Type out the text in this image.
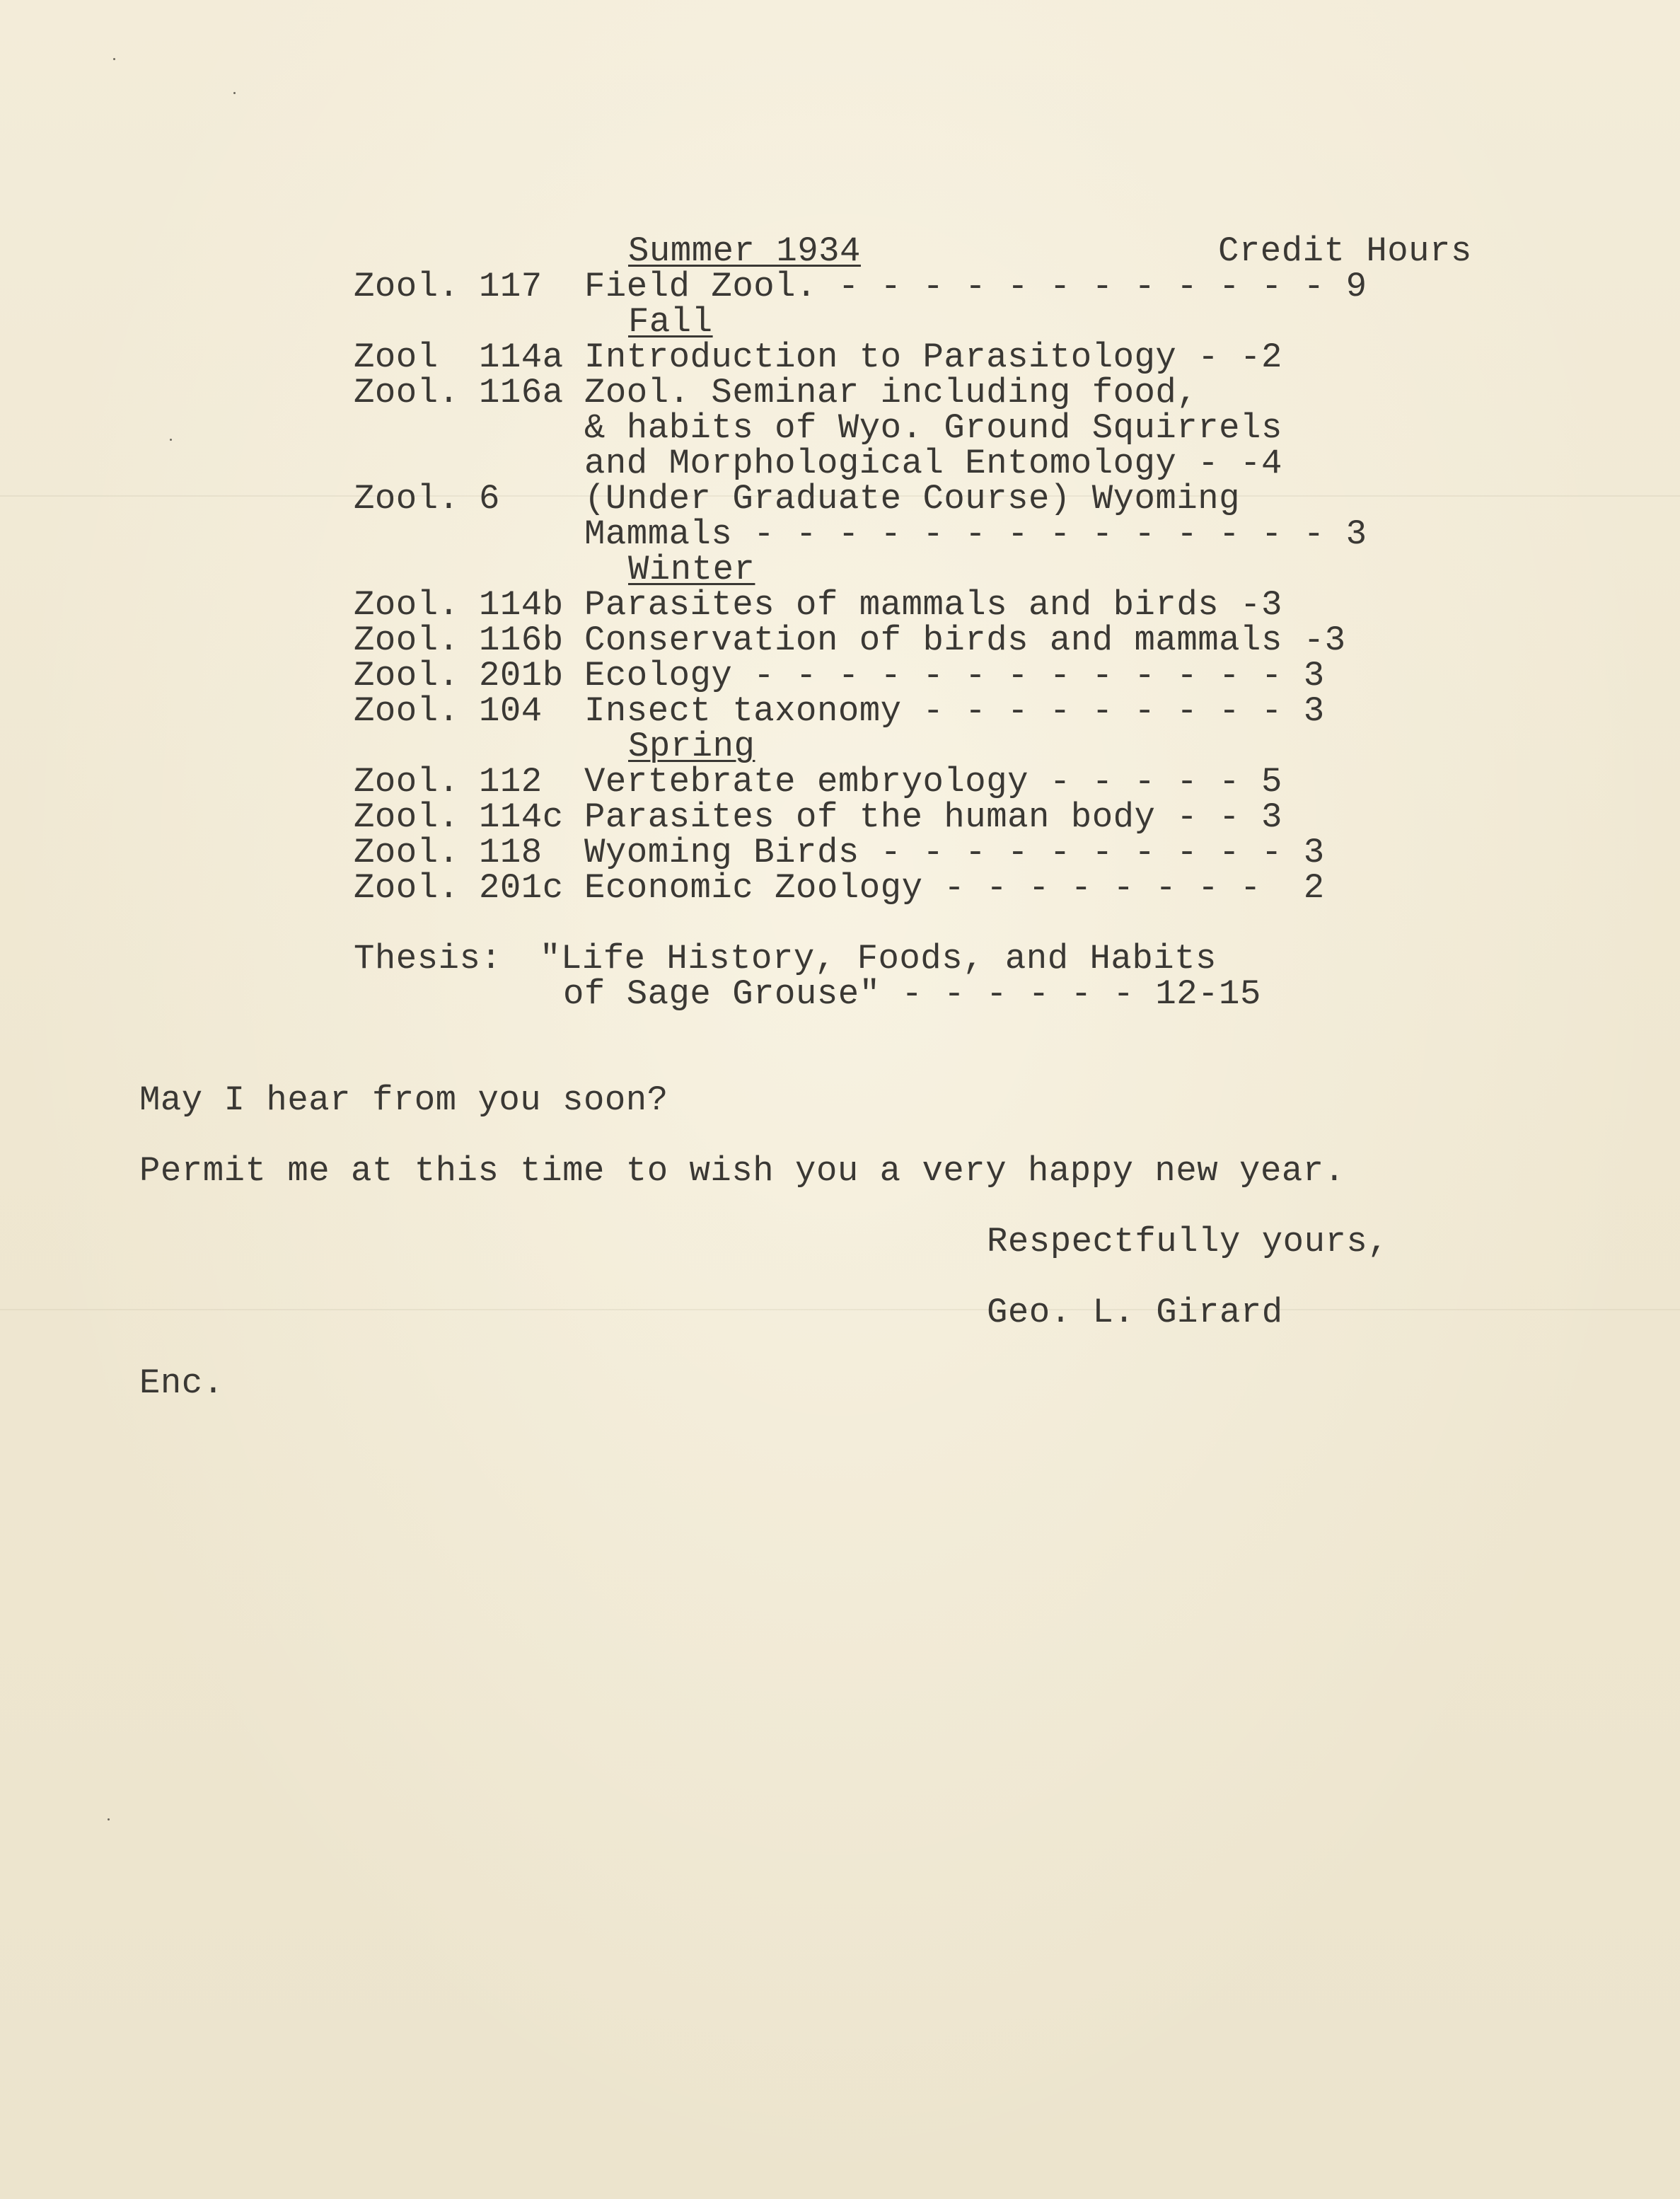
Summer 1934	Credit Hours
Zool. 117 Field Zool. - - - - - - - - - - - - 9
Fall
Zool 114a Introduction to Parasitology - -2
Zool. 116a Zool. Seminar including food,
& habits of Wyo. Ground Squirrels
and Morphological Entomology - -4
Zool. 6 (Under Graduate Course) Wyoming
Mammals - - - - - - - - - - - - - - 3
Winter
Zool. 114b Parasites of mammals and birds -3
Zool. 116b Conservation of birds and mammals -3
Zool. 201b Ecology - - - - - - - - - - - - - 3
Zool. 104 Insect taxonomy - - - - - - - - - 3
Spring
Zool. 112 Vertebrate embryology - - - - - 5
Zool. 114c Parasites of the human body - - 3
Zool. 118 Wyoming Birds - - - - - - - - - - 3
Zool. 201c Economic Zoology - - - - - - - -  2
Thesis: "Life History, Foods, and Habits
of Sage Grouse" - - - - - - 12-15
May I hear from you soon?
Permit me at this time to wish you a very happy new year.
Respectfully yours,
Geo. L. Girard
Enc.
